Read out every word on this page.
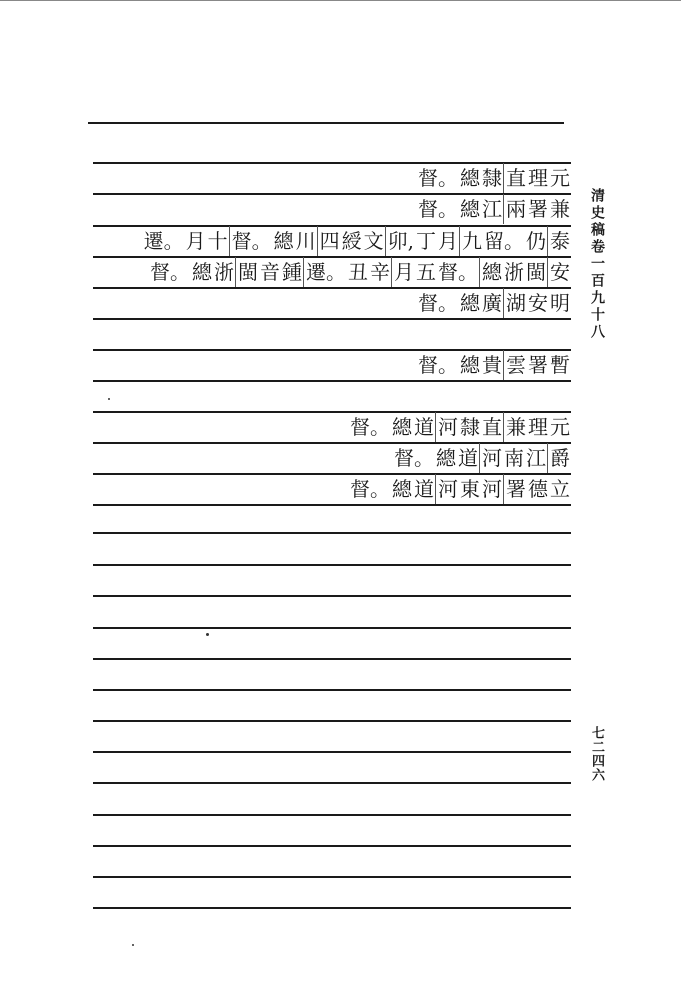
督。 總 隸 直 理 元
督。 總 江 兩 署 兼
遷。 月 十 督。 總 川 四 綬 文 卯, 丁 月 九 留。 仍 泰
督。 總 浙 閩 音 鍾 遷。 丑 辛 月 五 督。 總 浙 閩 安
督。 總 廣 湖 安 明
督。 總 貴 雲 署 暫
督。 總 道 河 隸 直 兼 理 元
督。 總 道 河 南 江 爵
督。 總 道 河 東 河 署 德 立
清史稿卷一百九十八
七二四六
